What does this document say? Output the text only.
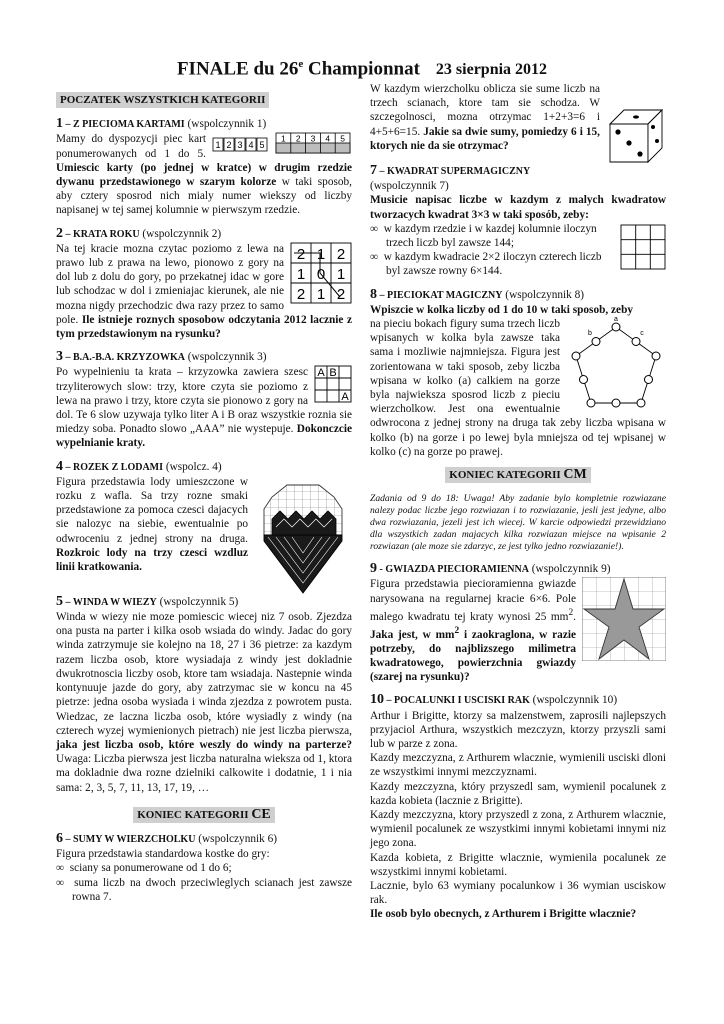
FINALE du 26e Championnat 23 sierpnia 2012
POCZATEK WSZYSTKICH KATEGORII
1 – Z PIECIOMA KARTAMI (wspolczynnik 1)

1 2 3 4 5
1 2 3 4 5
Mamy do dyspozycji piec kart ponumerowanych od 1 do 5. Umiescic karty (po jednej w kratce) w drugim rzedzie dywanu przedstawionego w szarym kolorze w taki sposob, aby cztery sposrod nich mialy numer wiekszy od liczby napisanej w tej samej kolumnie w pierwszym rzedzie.

2 – KRATA ROKU (wspolczynnik 2)

2 1 2
1 0 1
2 1 2
Na tej kracie mozna czytac poziomo z lewa na prawo lub z prawa na lewo, pionowo z gory na dol lub z dolu do gory, po przekatnej idac w gore lub schodzac w dol i zmieniajac kierunek, ale nie mozna nigdy przechodzic dwa razy przez to samo pole. Ile istnieje roznych sposobow odczytania 2012 lacznie z tym przedstawionym na rysunku?

3 – B.A.-B.A. KRZYZOWKA (wspolczynnik 3)

A B
A
Po wypelnieniu ta krata – krzyzowka zawiera szesc trzyliterowych slow: trzy, ktore czyta sie poziomo z lewa na prawo i trzy, ktore czyta sie pionowo z gory na dol. Te 6 slow uzywaja tylko liter A i B oraz wszystkie roznia sie miedzy soba. Ponadto slowo „AAA” nie wystepuje. Dokonczcie wypelnianie kraty.

4 – ROZEK Z LODAMI (wspolcz. 4)

Figura przedstawia lody umieszczone w rozku z wafla. Sa trzy rozne smaki przedstawione za pomoca czesci dajacych sie nalozyc na siebie, ewentualnie po odwroceniu z jednej strony na druga. Rozkroic lody na trzy czesci wzdluz linii kratkowania.

5 – WINDA W WIEZY (wspolczynnik 5)

Winda w wiezy nie moze pomiescic wiecej niz 7 osob. Zjezdza ona pusta na parter i kilka osob wsiada do windy. Jadac do gory winda zatrzymuje sie kolejno na 18, 27 i 36 pietrze: za kazdym razem liczba osob, ktore wysiadaja z windy jest dokladnie dwukrotnoscia liczby osob, ktore tam wsiadaja. Nastepnie winda kontynuuje jazde do gory, aby zatrzymac sie w koncu na 45 pietrze: jedna osoba wysiada i winda zjezdza z powrotem pusta. Wiedzac, ze laczna liczba osob, które wysiadly z windy (na czterech wyzej wymienionych pietrach) nie jest liczba pierwsza, jaka jest liczba osob, które weszly do windy na parterze? Uwaga: Liczba pierwsza jest liczba naturalna wieksza od 1, ktora ma dokladnie dwa rozne dzielniki calkowite i dodatnie, 1 i nia sama: 2, 3, 5, 7, 11, 13, 17, 19, …

KONIEC KATEGORII CE
6 – SUMY W WIERZCHOLKU (wspolczynnik 6)

Figura przedstawia standardowa kostke do gry:

∞ sciany sa ponumerowane od 1 do 6;

∞ suma liczb na dwoch przeciwleglych scianach jest zawsze rowna 7.

W kazdym wierzcholku oblicza sie sume liczb na trzech scianach, ktore tam sie schodza. W szczegolnosci, mozna otrzymac 1+2+3=6 i 4+5+6=15. Jakie sa dwie sumy, pomiedzy 6 i 15, ktorych nie da sie otrzymac?

7 – KWADRAT SUPERMAGICZNY

(wspolczynnik 7)

Musicie napisac liczbe w kazdym z malych kwadratow tworzacych kwadrat 3×3 w taki sposób, zeby:

∞ w kazdym rzedzie i w kazdej kolumnie iloczyn trzech liczb byl zawsze 144;

∞ w kazdym kwadracie 2×2 iloczyn czterech liczb byl zawsze rowny 6×144.

8 – PIECIOKAT MAGICZNY (wspolczynnik 8)

Wpiszcie w kolka liczby od 1 do 10 w taki sposob, zeby

a
b	c
na pieciu bokach figury suma trzech liczb wpisanych w kolka byla zawsze taka sama i mozliwie najmniejsza. Figura jest zorientowana w taki sposob, zeby liczba wpisana w kolko (a) calkiem na gorze byla najwieksza sposrod liczb z pieciu wierzcholkow. Jest ona ewentualnie odwrocona z jednej strony na druga tak zeby liczba wpisana w kolko (b) na gorze i po lewej byla mniejsza od tej wpisanej w kolko (c) na gorze po prawej.

KONIEC KATEGORII CM

Zadania od 9 do 18: Uwaga! Aby zadanie bylo kompletnie rozwiazane nalezy podac liczbe jego rozwiazan i to rozwiazanie, jesli jest jedyne, albo dwa rozwiazania, jezeli jest ich wiecej. W karcie odpowiedzi przewidziano dla wszystkich zadan majacych kilka rozwiazan miejsce na wpisanie 2 rozwiazan (ale moze sie zdarzyc, ze jest tylko jedno rozwiazanie!).

9 - GWIAZDA PIECIORAMIENNA (wspolczynnik 9)

Figura przedstawia piecioramienna gwiazde narysowana na regularnej kracie 6×6. Pole malego kwadratu tej kraty wynosi 25 $mm^2$. Jaka jest, w $mm^2$ i zaokraglona, w razie potrzeby, do najblizszego milimetra kwadratowego, powierzchnia gwiazdy (szarej na rysunku)?

10 – POCALUNKI I USCISKI RAK (wspolczynnik 10)

Arthur i Brigitte, ktorzy sa malzenstwem, zaprosili najlepszych przyjaciol Arthura, wszystkich mezczyzn, ktorzy przyszli sami lub w parze z zona.

Kazdy mezczyzna, z Arthurem wlacznie, wymienili usciski dloni ze wszystkimi innymi mezczyznami.

Kazdy mezczyzna, który przyszedl sam, wymienil pocalunek z kazda kobieta (lacznie z Brigitte).

Kazdy mezczyzna, ktory przyszedl z zona, z Arthurem wlacznie, wymienil pocalunek ze wszystkimi innymi kobietami innymi niz jego zona.

Kazda kobieta, z Brigitte wlacznie, wymienila pocalunek ze wszystkimi innymi kobietami.

Lacznie, bylo 63 wymiany pocalunkow i 36 wymian usciskow rak.

Ile osob bylo obecnych, z Arthurem i Brigitte wlacznie?
